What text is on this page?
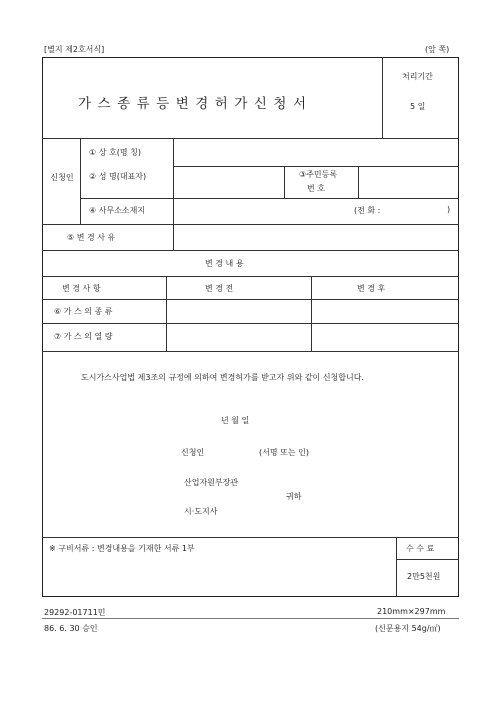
[별지 제2호서식]	(앞 쪽)
가스종류등변경허가신청서
처리기간
5 일
신청인
① 상 호(명 칭)
② 성 명(대표자)	③주민등록
번 호
④ 사무소소재지	(전 화 :	)
⑤ 변 경 사 유
변 경 내 용
변 경 사 항	변 경 전	변 경 후
⑥ 가 스 의 종 류
⑦ 가 스 의 열 량
도시가스사업법 제3조의 규정에 의하여 변경허가를 받고자 위와 같이 신청합니다.
년 월 일
신청인	(서명 또는 인)
산업자원부장관
귀하
시·도지사
※ 구비서류 : 변경내용을 기재한 서류 1부	수 수 료
2만5천원
29292-01711민
86. 6. 30 승인
210mm×297mm
(신문용지 54g/㎡)
